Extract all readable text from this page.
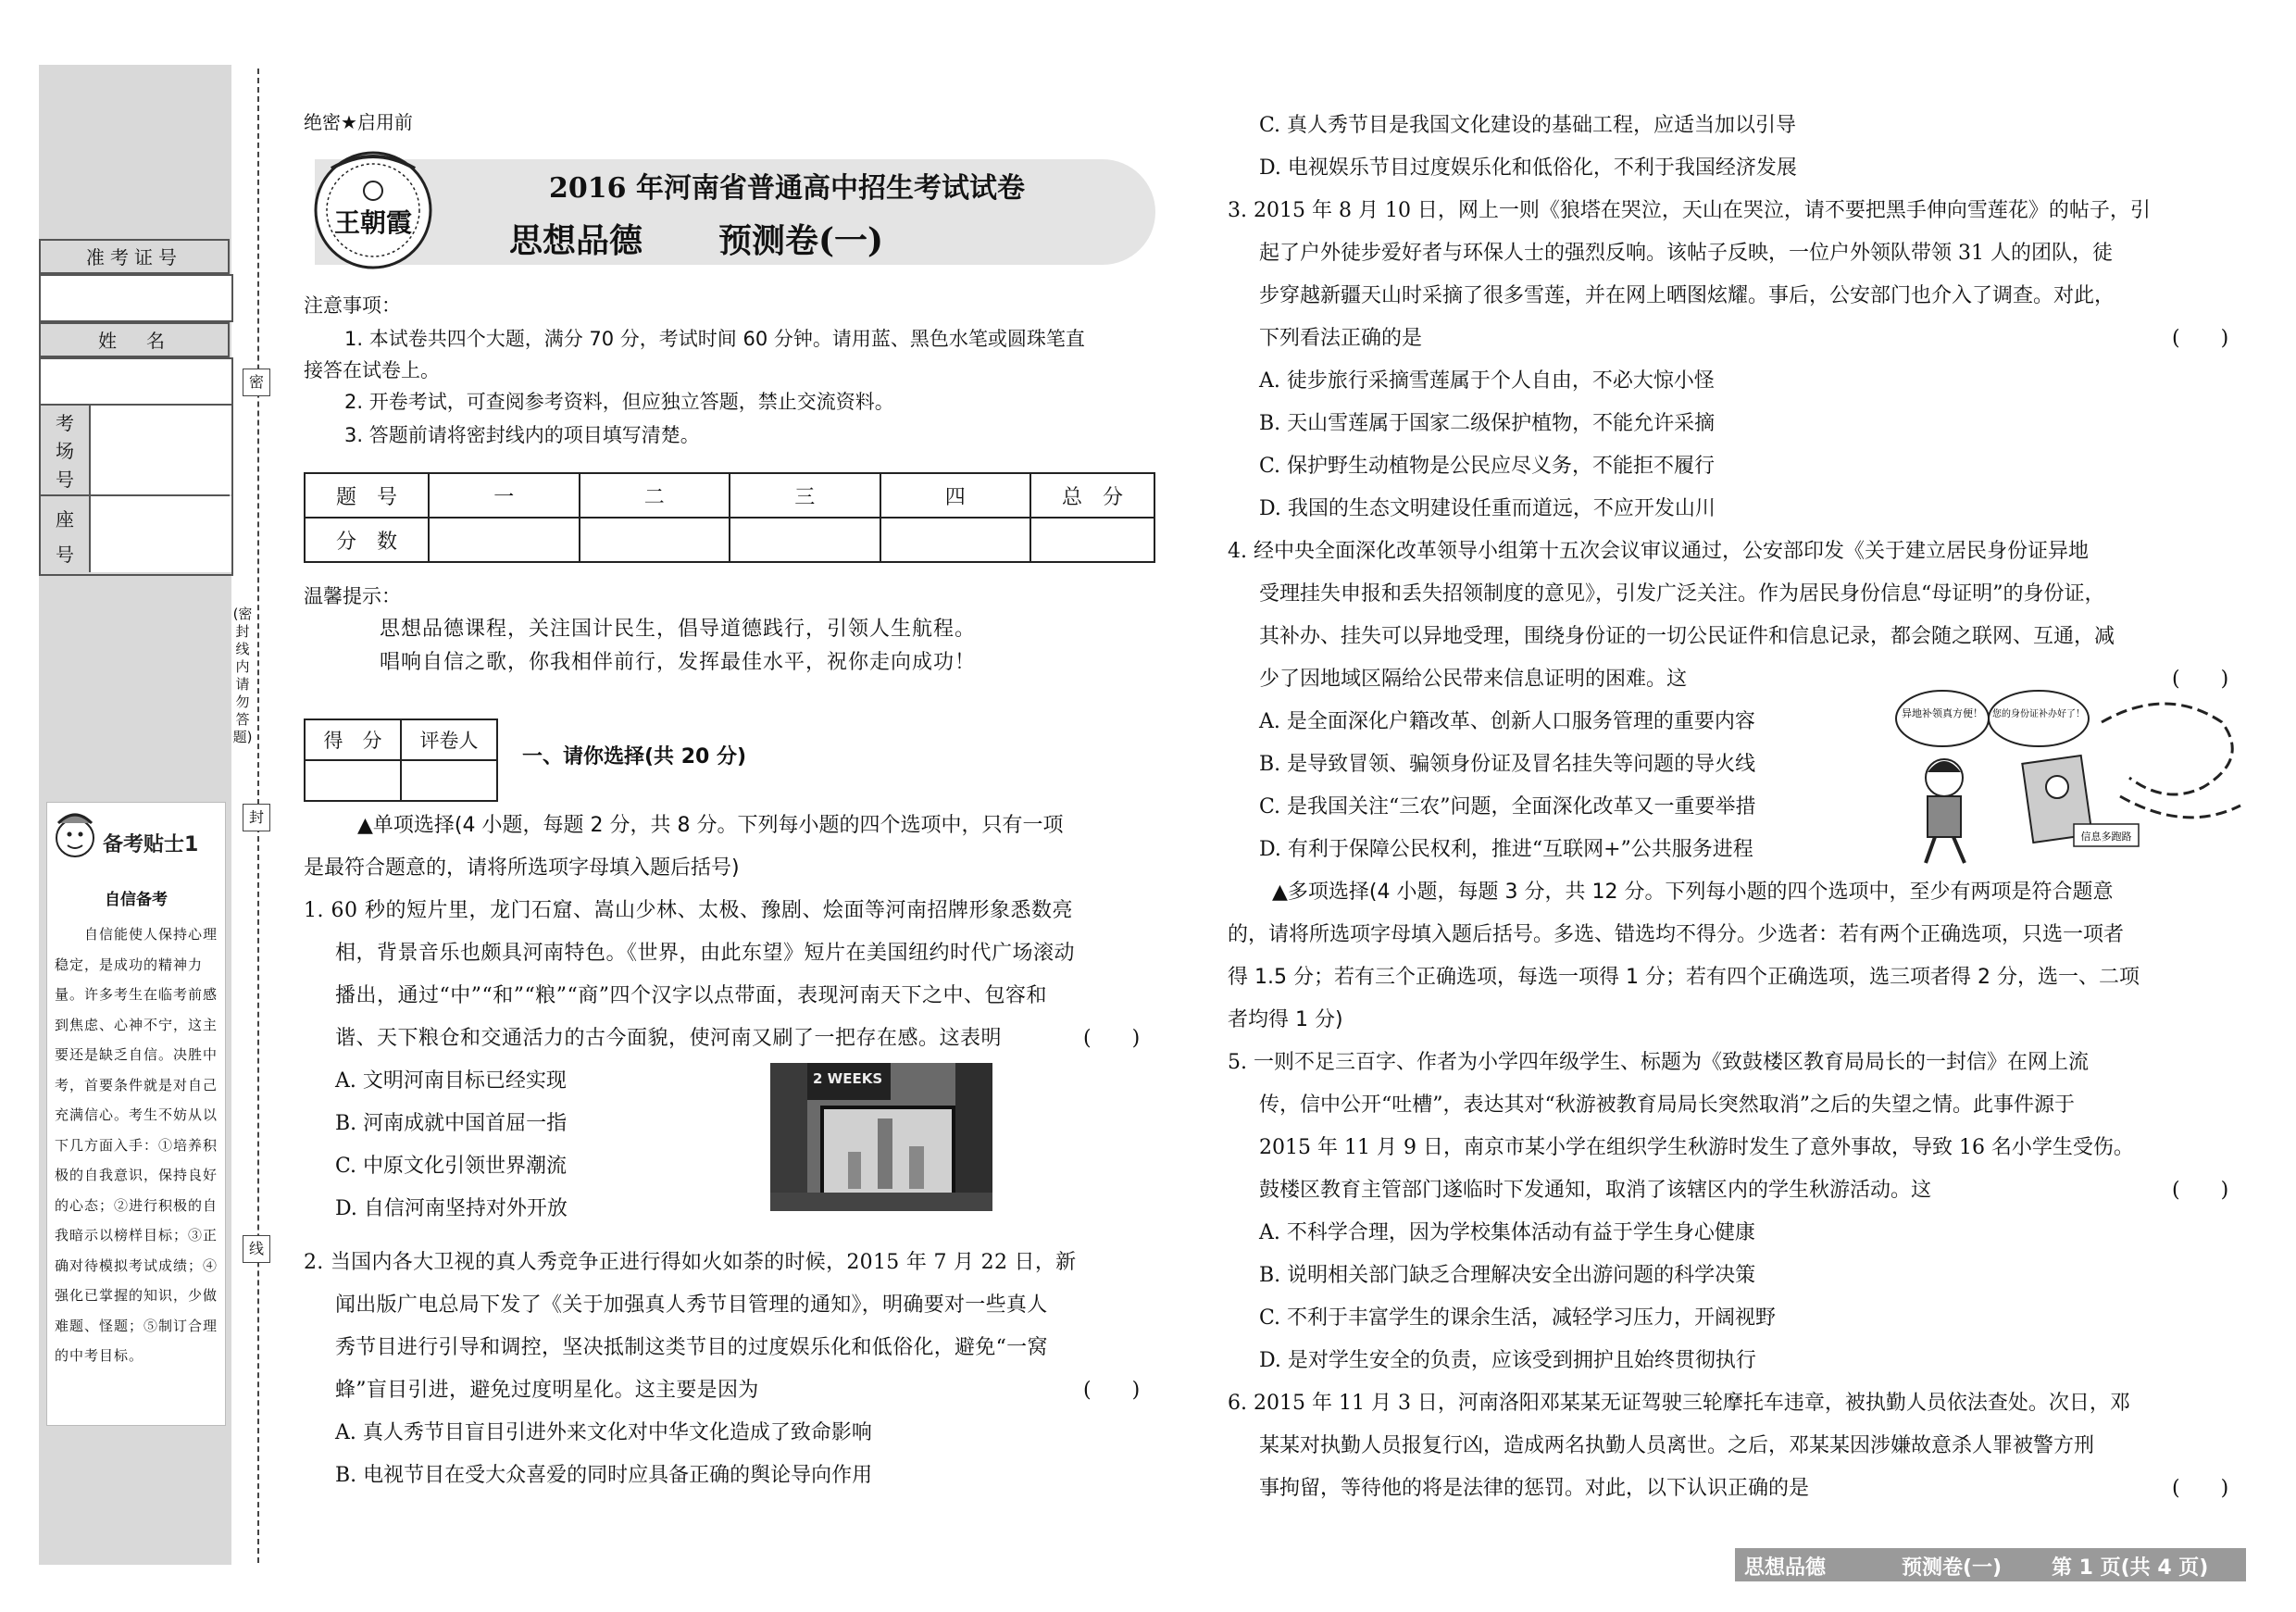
准考证号
姓　名
考
场
号
座
号
备考贴士1
自信备考
　　自信能使人保持心理稳定，是成功的精神力量。许多考生在临考前感到焦虑、心神不宁，这主要还是缺乏自信。决胜中考，首要条件就是对自己充满信心。考生不妨从以下几方面入手：①培养积极的自我意识，保持良好的心态；②进行积极的自我暗示以榜样目标；③正确对待模拟考试成绩；④强化已掌握的知识，少做难题、怪题；⑤制订合理的中考目标。
密
封
线
(密封线内请勿答题)
绝密★启用前
王朝霞
2016 年河南省普通高中招生考试试卷
思想品德 预测卷(一)
注意事项：
1. 本试卷共四个大题，满分 70 分，考试时间 60 分钟。请用蓝、黑色水笔或圆珠笔直
接答在试卷上。
2. 开卷考试，可查阅参考资料，但应独立答题，禁止交流资料。
3. 答题前请将密封线内的项目填写清楚。
题　号	一	二	三	四	总　分
分　数					
温馨提示：
思想品德课程，关注国计民生，倡导道德践行，引领人生航程。
唱响自信之歌，你我相伴前行，发挥最佳水平，祝你走向成功！
得　分	评卷人

一、请你选择(共 20 分)
▲单项选择(4 小题，每题 2 分，共 8 分。下列每小题的四个选项中，只有一项
是最符合题意的，请将所选项字母填入题后括号)
1. 60 秒的短片里，龙门石窟、嵩山少林、太极、豫剧、烩面等河南招牌形象悉数亮
相，背景音乐也颇具河南特色。《世界，由此东望》短片在美国纽约时代广场滚动
播出，通过“中”“和”“粮”“商”四个汉字以点带面，表现河南天下之中、包容和
谐、天下粮仓和交通活力的古今面貌，使河南又刷了一把存在感。这表明	(　　)
A. 文明河南目标已经实现
B. 河南成就中国首屈一指
C. 中原文化引领世界潮流
D. 自信河南坚持对外开放
2 WEEKS
2. 当国内各大卫视的真人秀竞争正进行得如火如荼的时候，2015 年 7 月 22 日，新
闻出版广电总局下发了《关于加强真人秀节目管理的通知》，明确要对一些真人
秀节目进行引导和调控，坚决抵制这类节目的过度娱乐化和低俗化，避免“一窝
蜂”盲目引进，避免过度明星化。这主要是因为	(　　)
A. 真人秀节目盲目引进外来文化对中华文化造成了致命影响
B. 电视节目在受大众喜爱的同时应具备正确的舆论导向作用
C. 真人秀节目是我国文化建设的基础工程，应适当加以引导
D. 电视娱乐节目过度娱乐化和低俗化，不利于我国经济发展
3. 2015 年 8 月 10 日，网上一则《狼塔在哭泣，天山在哭泣，请不要把黑手伸向雪莲花》的帖子，引
起了户外徒步爱好者与环保人士的强烈反响。该帖子反映，一位户外领队带领 31 人的团队，徒
步穿越新疆天山时采摘了很多雪莲，并在网上晒图炫耀。事后，公安部门也介入了调查。对此，
下列看法正确的是	(　　)
A. 徒步旅行采摘雪莲属于个人自由，不必大惊小怪
B. 天山雪莲属于国家二级保护植物，不能允许采摘
C. 保护野生动植物是公民应尽义务，不能拒不履行
D. 我国的生态文明建设任重而道远，不应开发山川
4. 经中央全面深化改革领导小组第十五次会议审议通过，公安部印发《关于建立居民身份证异地
受理挂失申报和丢失招领制度的意见》，引发广泛关注。作为居民身份信息“母证明”的身份证，
其补办、挂失可以异地受理，围绕身份证的一切公民证件和信息记录，都会随之联网、互通，减
少了因地域区隔给公民带来信息证明的困难。这	(　　)
A. 是全面深化户籍改革、创新人口服务管理的重要内容
B. 是导致冒领、骗领身份证及冒名挂失等问题的导火线
C. 是我国关注“三农”问题，全面深化改革又一重要举措
D. 有利于保障公民权利，推进“互联网+”公共服务进程
异地补领真方便！ 您的身份证补办好了！
信息多跑路
▲多项选择(4 小题，每题 3 分，共 12 分。下列每小题的四个选项中，至少有两项是符合题意
的，请将所选项字母填入题后括号。多选、错选均不得分。少选者：若有两个正确选项，只选一项者
得 1.5 分；若有三个正确选项，每选一项得 1 分；若有四个正确选项，选三项者得 2 分，选一、二项
者均得 1 分)
5. 一则不足三百字、作者为小学四年级学生、标题为《致鼓楼区教育局局长的一封信》在网上流
传，信中公开“吐槽”，表达其对“秋游被教育局局长突然取消”之后的失望之情。此事件源于
2015 年 11 月 9 日，南京市某小学在组织学生秋游时发生了意外事故，导致 16 名小学生受伤。
鼓楼区教育主管部门遂临时下发通知，取消了该辖区内的学生秋游活动。这	(　　)
A. 不科学合理，因为学校集体活动有益于学生身心健康
B. 说明相关部门缺乏合理解决安全出游问题的科学决策
C. 不利于丰富学生的课余生活，减轻学习压力，开阔视野
D. 是对学生安全的负责，应该受到拥护且始终贯彻执行
6. 2015 年 11 月 3 日，河南洛阳邓某某无证驾驶三轮摩托车违章，被执勤人员依法查处。次日，邓
某某对执勤人员报复行凶，造成两名执勤人员离世。之后，邓某某因涉嫌故意杀人罪被警方刑
事拘留，等待他的将是法律的惩罚。对此，以下认识正确的是	(　　)
思想品德	预测卷(一) 第 1 页(共 4 页)
